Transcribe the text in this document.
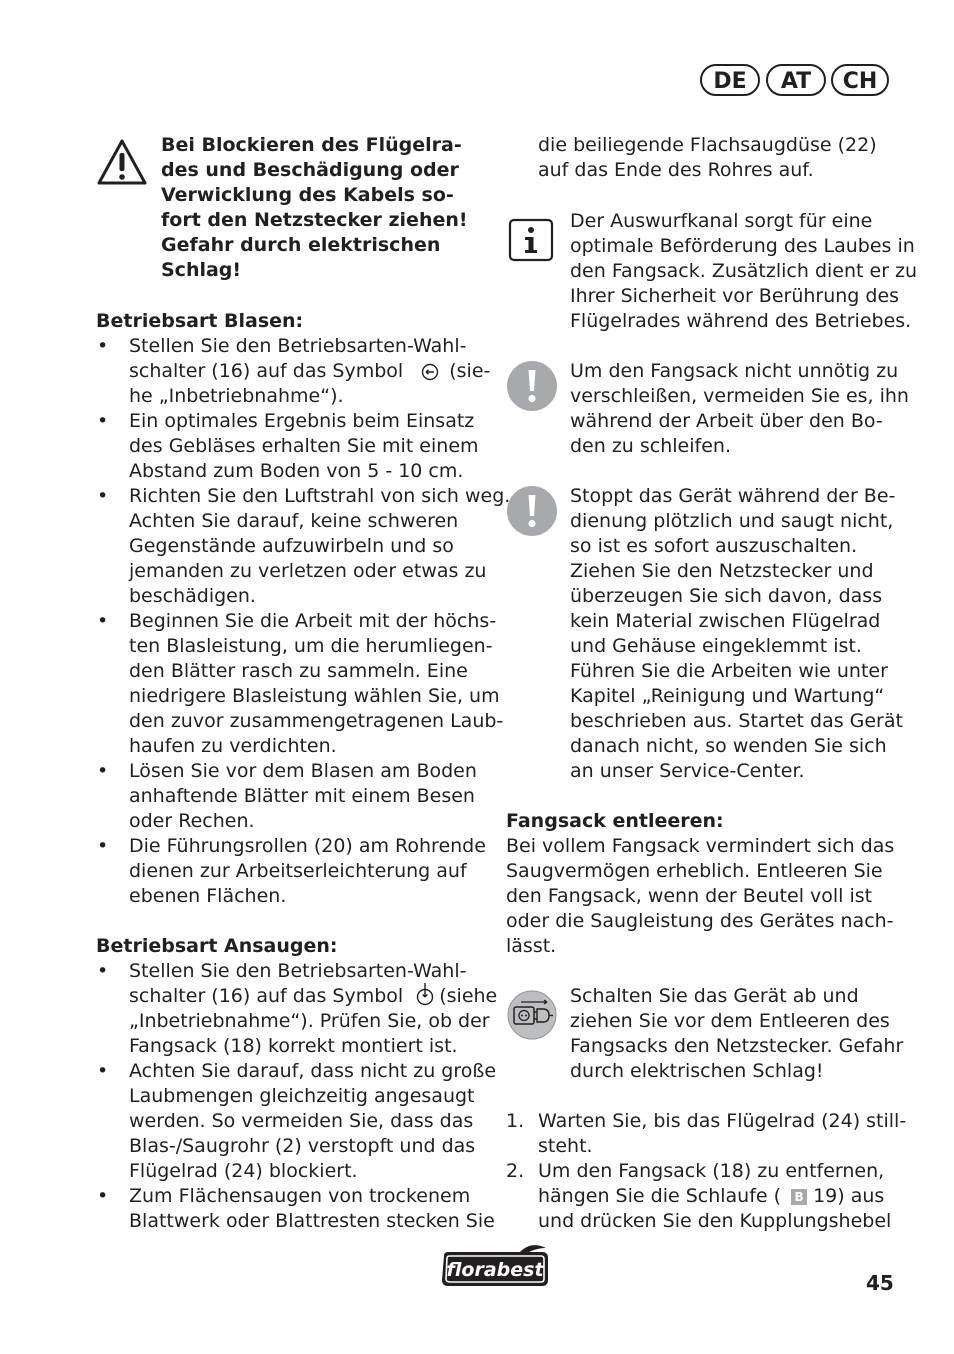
DE	AT	CH
Bei Blockieren des Flügelra-
des und Beschädigung oder
Verwicklung des Kabels so-
fort den Netzstecker ziehen!
Gefahr durch elektrischen
Schlag!
Betriebsart Blasen:
• Stellen Sie den Betriebsarten-Wahl-
schalter (16) auf das Symbol (sie-
he „Inbetriebnahme“).
• Ein optimales Ergebnis beim Einsatz
des Gebläses erhalten Sie mit einem
Abstand zum Boden von 5 - 10 cm.
• Richten Sie den Luftstrahl von sich weg.
Achten Sie darauf, keine schweren
Gegenstände aufzuwirbeln und so
jemanden zu verletzen oder etwas zu
beschädigen.
• Beginnen Sie die Arbeit mit der höchs-
ten Blasleistung, um die herumliegen-
den Blätter rasch zu sammeln. Eine
niedrigere Blasleistung wählen Sie, um
den zuvor zusammengetragenen Laub-
haufen zu verdichten.
• Lösen Sie vor dem Blasen am Boden
anhaftende Blätter mit einem Besen
oder Rechen.
• Die Führungsrollen (20) am Rohrende
dienen zur Arbeitserleichterung auf
ebenen Flächen.
Betriebsart Ansaugen:
• Stellen Sie den Betriebsarten-Wahl-
schalter (16) auf das Symbol (siehe
„Inbetriebnahme“). Prüfen Sie, ob der
Fangsack (18) korrekt montiert ist.
• Achten Sie darauf, dass nicht zu große
Laubmengen gleichzeitig angesaugt
werden. So vermeiden Sie, dass das
Blas-/Saugrohr (2) verstopft und das
Flügelrad (24) blockiert.
• Zum Flächensaugen von trockenem
Blattwerk oder Blattresten stecken Sie
die beiliegende Flachsaugdüse (22)
auf das Ende des Rohres auf.
Der Auswurfkanal sorgt für eine
optimale Beförderung des Laubes in
den Fangsack. Zusätzlich dient er zu
Ihrer Sicherheit vor Berührung des
Flügelrades während des Betriebes.
Um den Fangsack nicht unnötig zu
verschleißen, vermeiden Sie es, ihn
während der Arbeit über den Bo-
den zu schleifen.
Stoppt das Gerät während der Be-
dienung plötzlich und saugt nicht,
so ist es sofort auszuschalten.
Ziehen Sie den Netzstecker und
überzeugen Sie sich davon, dass
kein Material zwischen Flügelrad
und Gehäuse eingeklemmt ist.
Führen Sie die Arbeiten wie unter
Kapitel „Reinigung und Wartung“
beschrieben aus. Startet das Gerät
danach nicht, so wenden Sie sich
an unser Service-Center.
Fangsack entleeren:
Bei vollem Fangsack vermindert sich das
Saugvermögen erheblich. Entleeren Sie
den Fangsack, wenn der Beutel voll ist
oder die Saugleistung des Gerätes nach-
lässt.
Schalten Sie das Gerät ab und
ziehen Sie vor dem Entleeren des
Fangsacks den Netzstecker. Gefahr
durch elektrischen Schlag!
1. Warten Sie, bis das Flügelrad (24) still-
steht.
2. Um den Fangsack (18) zu entfernen,
hängen Sie die Schlaufe ( B 19) aus
und drücken Sie den Kupplungshebel
florabest
45
